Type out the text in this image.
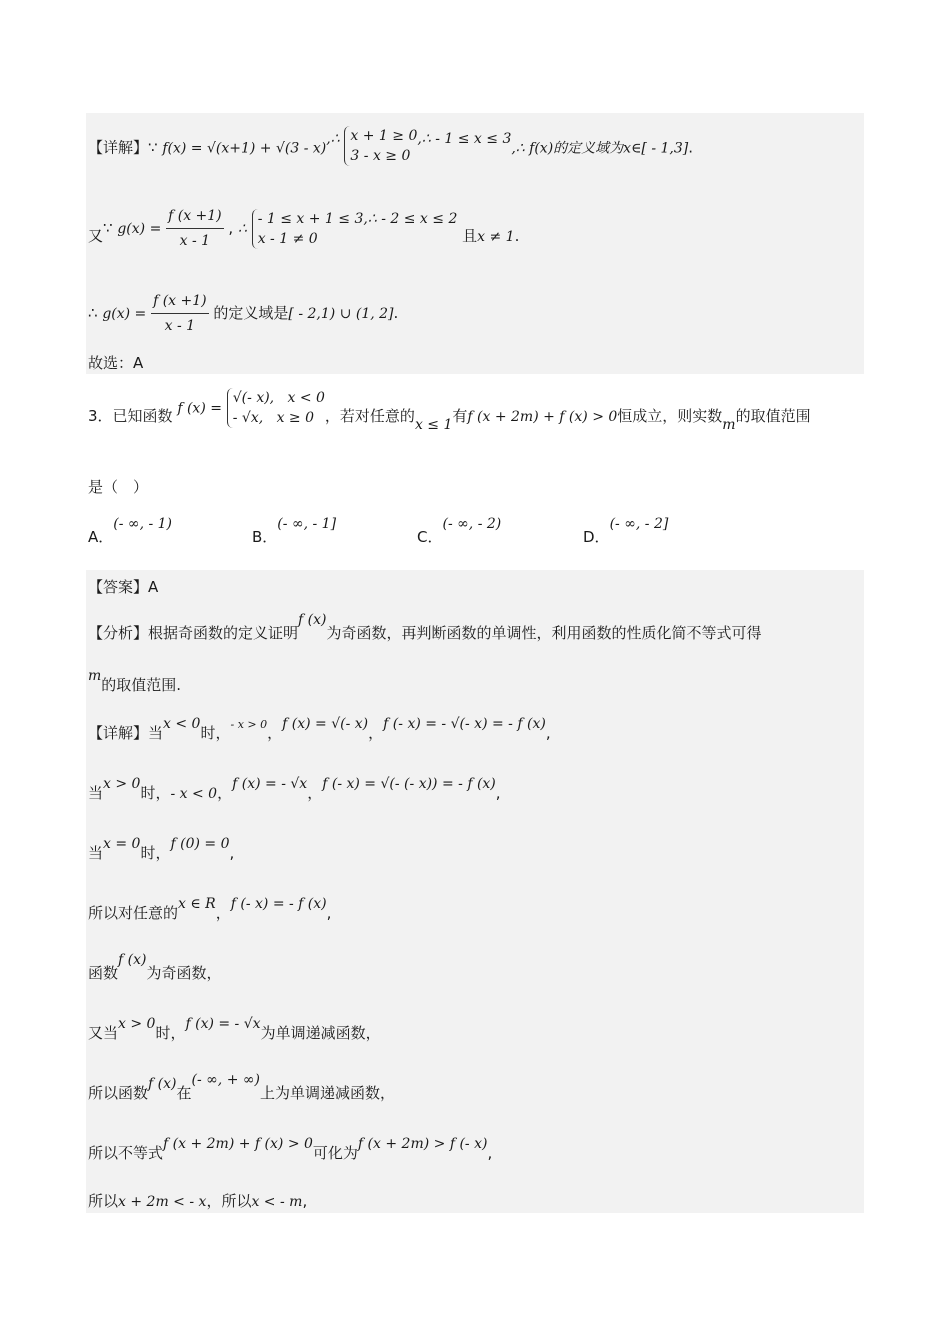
【详解】∵ f(x) = √(x+1) + √(3 - x),∴ x + 1 ≥ 0
3 - x ≥ 0,∴ - 1 ≤ x ≤ 3,∴ f(x)的定义域为x∈[ - 1,3].
又∵ $g(x) = \frac{f (x +1)}{x - 1}$ , ∴ - 1 ≤ x + 1 ≤ 3
x - 1 ≠ 0,∴ - 2 ≤ x ≤ 2 且x ≠ 1.
∴ $g(x) = \frac{f (x +1)}{x - 1}$ 的定义域是[ - 2,1) ∪ (1, 2].
故选：A
3．已知函数 f (x) = √(- x), x < 0
- √x, x ≥ 0 ，若对任意的x ≤ 1有f (x + 2m) + f (x) > 0恒成立，则实数m的取值范围
是（　）
A．(- ∞, - 1)
B．(- ∞, - 1]
C．(- ∞, - 2)
D．(- ∞, - 2]
【答案】A
【分析】根据奇函数的定义证明f (x)为奇函数，再判断函数的单调性，利用函数的性质化简不等式可得
m的取值范围.
【详解】当x < 0时，$^{- x > 0}$，f (x) = √(- x)，f (- x) = - √(- x) = - f (x),
当x > 0时，- x < 0，f (x) = - √x，f (- x) = √(- (- x)) = - f (x),
当x = 0时，f (0) = 0,
所以对任意的x ∈ R，f (- x) = - f (x),
函数f (x)为奇函数，
又当x > 0时，f (x) = - √x为单调递减函数，
所以函数f (x)在(- ∞, + ∞)上为单调递减函数，
所以不等式f (x + 2m) + f (x) > 0可化为f (x + 2m) > f (- x),
所以x + 2m < - x，所以x < - m,
